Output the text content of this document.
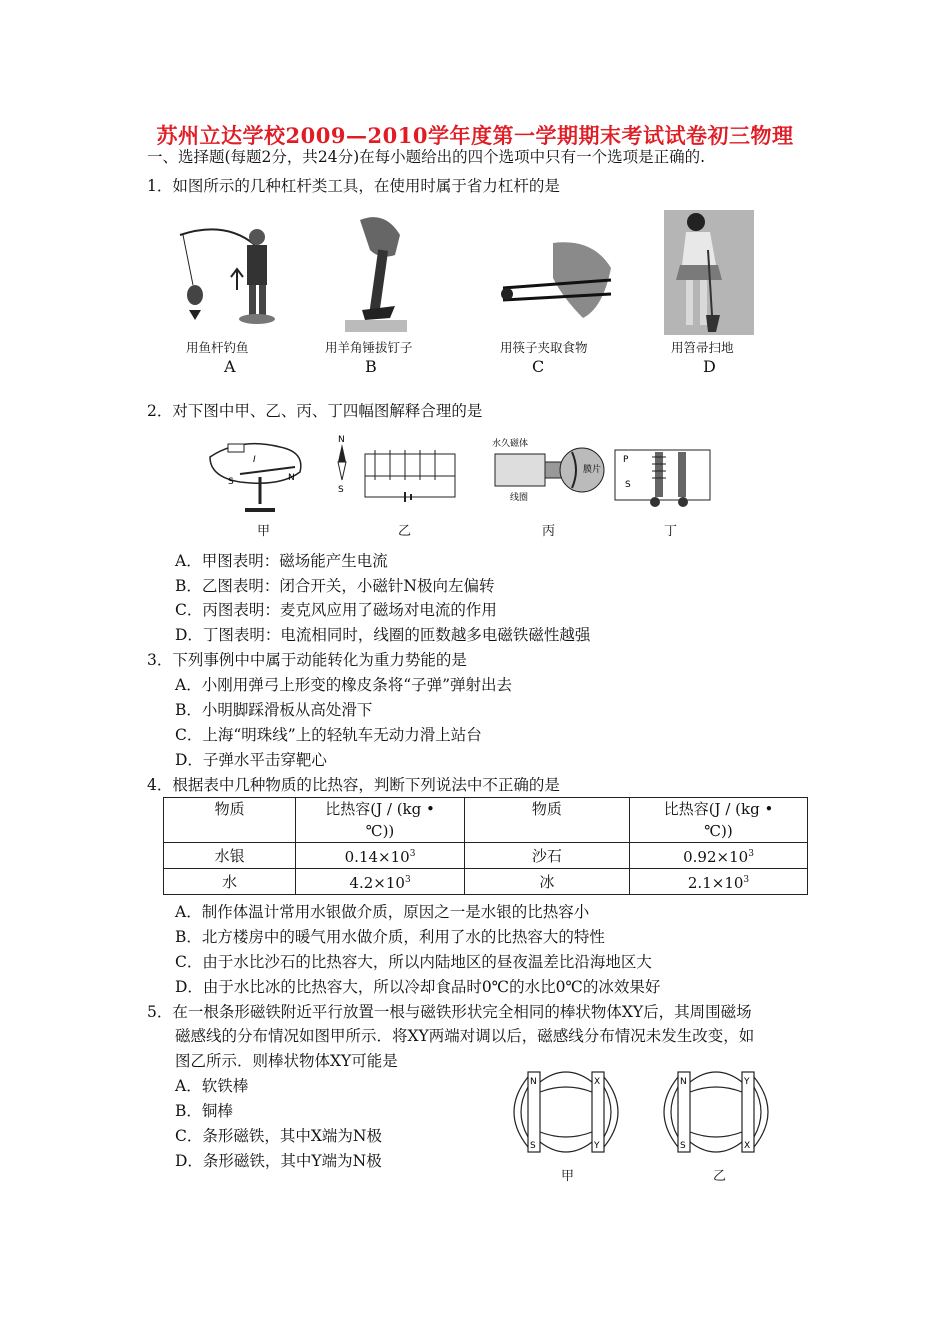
苏州立达学校2009—2010学年度第一学期期末考试试卷初三物理
一、选择题(每题2分，共24分)在每小题给出的四个选项中只有一个选项是正确的.
1．如图所示的几种杠杆类工具，在使用时属于省力杠杆的是
用鱼杆钓鱼	用羊角锤拔钉子	用筷子夹取食物	用笤帚扫地
A	B	C	D
2．对下图中甲、乙、丙、丁四幅图解释合理的是
S	N
I
N
S
水久磁体
膜片
线圈
P
S
甲	乙	丙	丁
A．甲图表明：磁场能产生电流
B．乙图表明：闭合开关，小磁针N极向左偏转
C．丙图表明：麦克风应用了磁场对电流的作用
D．丁图表明：电流相同时，线圈的匝数越多电磁铁磁性越强
3．下列事例中中属于动能转化为重力势能的是
A．小刚用弹弓上形变的橡皮条将“子弹”弹射出去
B．小明脚踩滑板从高处滑下
C．上海“明珠线”上的轻轨车无动力滑上站台
D．子弹水平击穿靶心
4．根据表中几种物质的比热容，判断下列说法中不正确的是
物质	比热容(J / (kg •
℃))	物质	比热容(J / (kg •
℃))
水银	$0.14\times 10^3$	沙石	$0.92\times 10^3$
水	$4.2\times 10^3$	冰	$2.1\times 10^3$
A．制作体温计常用水银做介质，原因之一是水银的比热容小
B．北方楼房中的暖气用水做介质，利用了水的比热容大的特性
C．由于水比沙石的比热容大，所以内陆地区的昼夜温差比沿海地区大
D．由于水比冰的比热容大，所以冷却食品时0℃的水比0℃的冰效果好
5．在一根条形磁铁附近平行放置一根与磁铁形状完全相同的棒状物体XY后，其周围磁场
磁感线的分布情况如图甲所示．将XY两端对调以后，磁感线分布情况未发生改变，如
图乙所示．则棒状物体XY可能是
A．软铁棒
B．铜棒
C．条形磁铁，其中X端为N极
D．条形磁铁，其中Y端为N极
N	X
S	Y
N	Y
S	X
甲	乙
